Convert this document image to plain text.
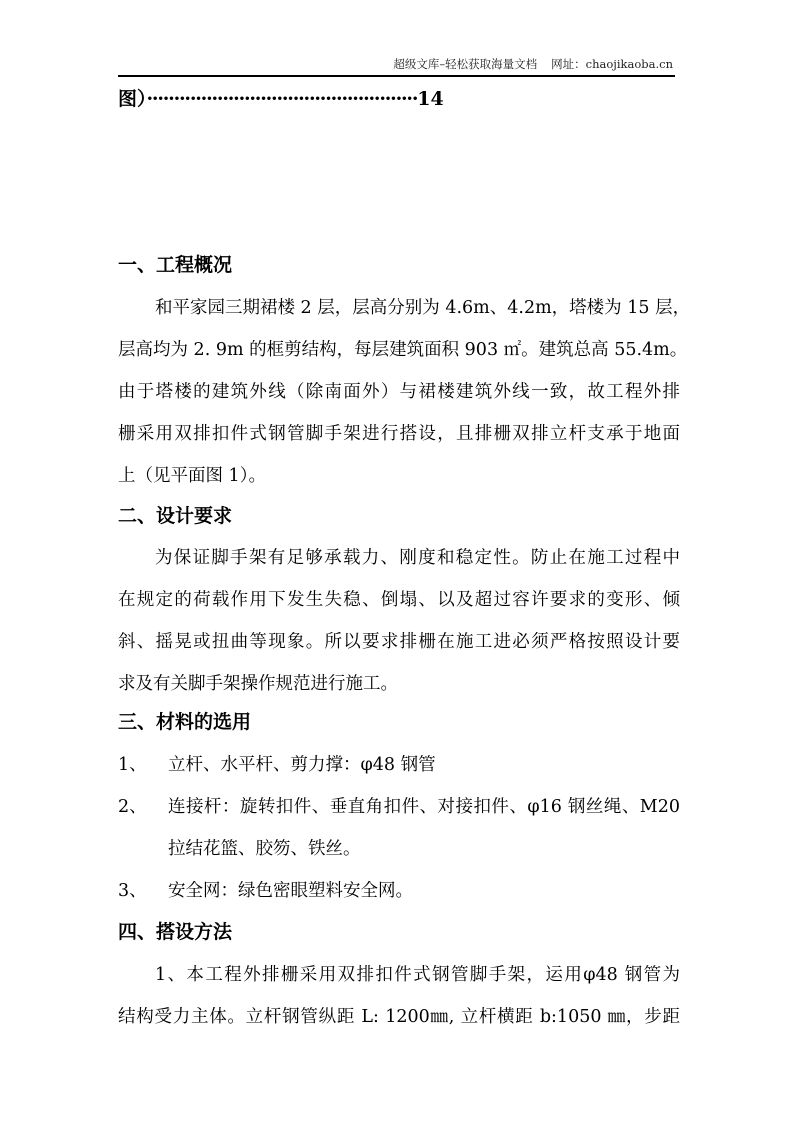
超级文库–轻松获取海量文档 网址：chaojikaoba.cn
图）··················································14
一、工程概况
和平家园三期裙楼 2 层，层高分别为 4.6m、4.2m，塔楼为 15 层，
层高均为 2. 9m 的框剪结构，每层建筑面积 903 ㎡。建筑总高 55.4m。
由于塔楼的建筑外线（除南面外）与裙楼建筑外线一致，故工程外排
栅采用双排扣件式钢管脚手架进行搭设，且排栅双排立杆支承于地面
上（见平面图 1）。
二、设计要求
为保证脚手架有足够承载力、刚度和稳定性。防止在施工过程中
在规定的荷载作用下发生失稳、倒塌、以及超过容许要求的变形、倾
斜、摇晃或扭曲等现象。所以要求排栅在施工进必须严格按照设计要
求及有关脚手架操作规范进行施工。
三、材料的选用
1、 立杆、水平杆、剪力撑：φ48 钢管
2、	连接杆：旋转扣件、垂直角扣件、对接扣件、φ16 钢丝绳、M20
拉结花篮、胶笏、铁丝。
3、 安全网：绿色密眼塑料安全网。
四、搭设方法
1、本工程外排栅采用双排扣件式钢管脚手架，运用φ48 钢管为
结构受力主体。立杆钢管纵距 L: 1200㎜, 立杆横距 b:1050 ㎜，步距
